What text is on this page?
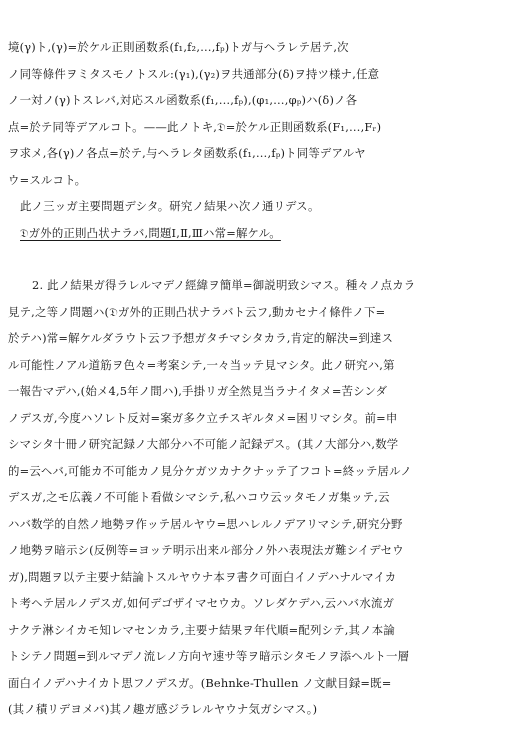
境(γ)ト,(γ)=於ケル正則函数系(f₁,f₂,…,fₚ)トガ与ヘラレテ居テ,次
ノ同等條件ヲミタスモノトスル:(γ₁),(γ₂)ヲ共通部分(δ)ヲ持ツ様ナ,任意
ノ一対ノ(γ)トスレバ,対応スル函数系(f₁,…,fₚ),(φ₁,…,φₚ)ハ(δ)ノ各
点=於テ同等デアルコト。——此ノトキ,𝔇=於ケル正則函数系(F₁,…,Fᵣ)
ヲ求メ,各(γ)ノ各点=於テ,与ヘラレタ函数系(f₁,…,fₚ)ト同等デアルヤ
ウ=スルコト。
此ノ三ッガ主要問題デシタ。研究ノ結果ハ次ノ通リデス。
𝔇ガ外的正則凸状ナラバ,問題Ⅰ,Ⅱ,Ⅲハ常=解ケル。
2. 此ノ結果ガ得ラレルマデノ經緯ヲ簡単=御説明致シマス。種々ノ点カラ
見テ,之等ノ問題ハ(𝔇ガ外的正則凸状ナラバト云フ,動カセナイ條件ノ下=
於テハ)常=解ケルダラウト云フ予想ガタチマシタカラ,肯定的解決=到達ス
ル可能性ノアル道筋ヲ色々=考案シテ,一々当ッテ見マシタ。此ノ研究ハ,第
一報告マデハ,(始メ4,5年ノ間ハ),手掛リガ全然見当ラナイタメ=苦シンダ
ノデスガ,今度ハソレト反対=案ガ多ク立チスギルタメ=困リマシタ。前=申
シマシタ十冊ノ研究記録ノ大部分ハ不可能ノ記録デス。(其ノ大部分ハ,数学
的=云ヘバ,可能カ不可能カノ見分ケガツカナクナッテ了フコト=終ッテ居ルノ
デスガ,之モ広義ノ不可能ト看做シマシテ,私ハコウ云ッタモノガ集ッテ,云
ハバ数学的自然ノ地勢ヲ作ッテ居ルヤウ=思ハレルノデアリマシテ,研究分野
ノ地勢ヲ暗示シ(反例等=ヨッテ明示出来ル部分ノ外ハ表現法ガ難シイデセウ
ガ),問題ヲ以テ主要ナ結論トスルヤウナ本ヲ書ク可面白イノデハナルマイカ
ト考ヘテ居ルノデスガ,如何デゴザイマセウカ。ソレダケデハ,云ハバ水流ガ
ナクテ淋シイカモ知レマセンカラ,主要ナ結果ヲ年代順=配列シテ,其ノ本論
トシテノ問題=到ルマデノ流レノ方向ヤ速サ等ヲ暗示シタモノヲ添ヘルト一層
面白イノデハナイカト思フノデスガ。(Behnke-Thullen ノ文献目録=既=
(其ノ積リデヨメバ)其ノ趣ガ感ジラレルヤウナ気ガシマス。)
